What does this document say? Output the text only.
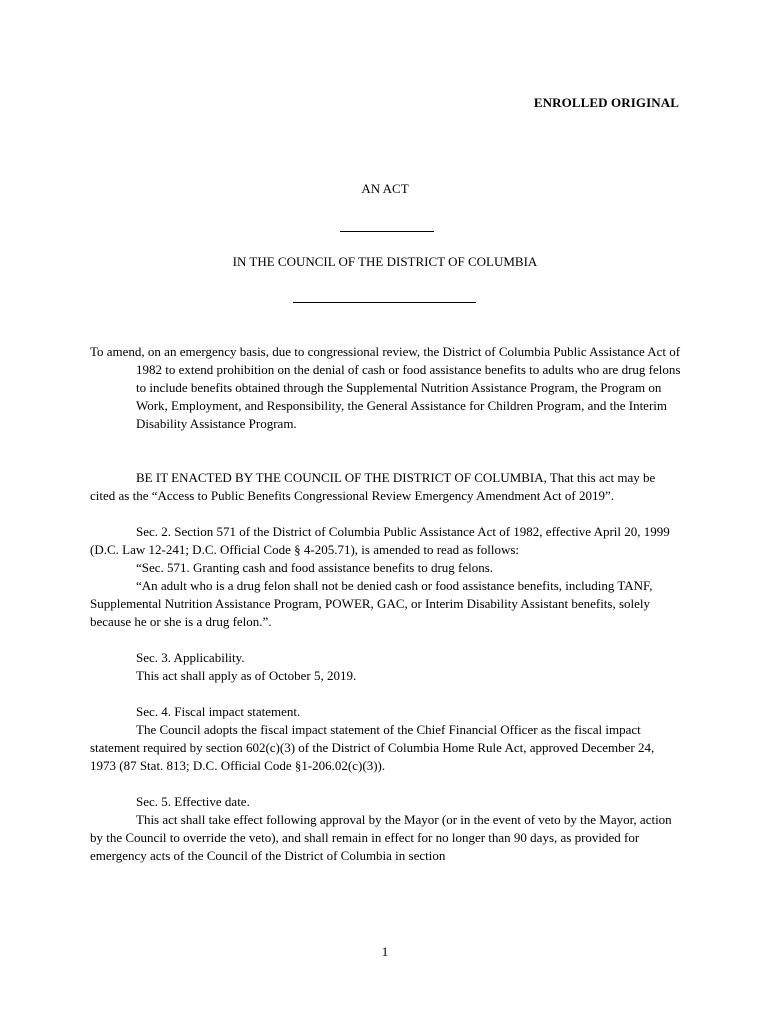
ENROLLED ORIGINAL
AN ACT
IN THE COUNCIL OF THE DISTRICT OF COLUMBIA

To amend, on an emergency basis, due to congressional review, the District of Columbia Public Assistance Act of 1982 to extend prohibition on the denial of cash or food assistance benefits to adults who are drug felons to include benefits obtained through the Supplemental Nutrition Assistance Program, the Program on Work, Employment, and Responsibility, the General Assistance for Children Program, and the Interim Disability Assistance Program.

BE IT ENACTED BY THE COUNCIL OF THE DISTRICT OF COLUMBIA, That this act may be cited as the “Access to Public Benefits Congressional Review Emergency Amendment Act of 2019”.

Sec. 2. Section 571 of the District of Columbia Public Assistance Act of 1982, effective April 20, 1999 (D.C. Law 12-241; D.C. Official Code § 4-205.71), is amended to read as follows:

“Sec. 571. Granting cash and food assistance benefits to drug felons.

“An adult who is a drug felon shall not be denied cash or food assistance benefits, including TANF, Supplemental Nutrition Assistance Program, POWER, GAC, or Interim Disability Assistant benefits, solely because he or she is a drug felon.”.

Sec. 3. Applicability.

This act shall apply as of October 5, 2019.

Sec. 4. Fiscal impact statement.

The Council adopts the fiscal impact statement of the Chief Financial Officer as the fiscal impact statement required by section 602(c)(3) of the District of Columbia Home Rule Act, approved December 24, 1973 (87 Stat. 813; D.C. Official Code §1-206.02(c)(3)).

Sec. 5. Effective date.

This act shall take effect following approval by the Mayor (or in the event of veto by the Mayor, action by the Council to override the veto), and shall remain in effect for no longer than 90 days, as provided for emergency acts of the Council of the District of Columbia in section

1
